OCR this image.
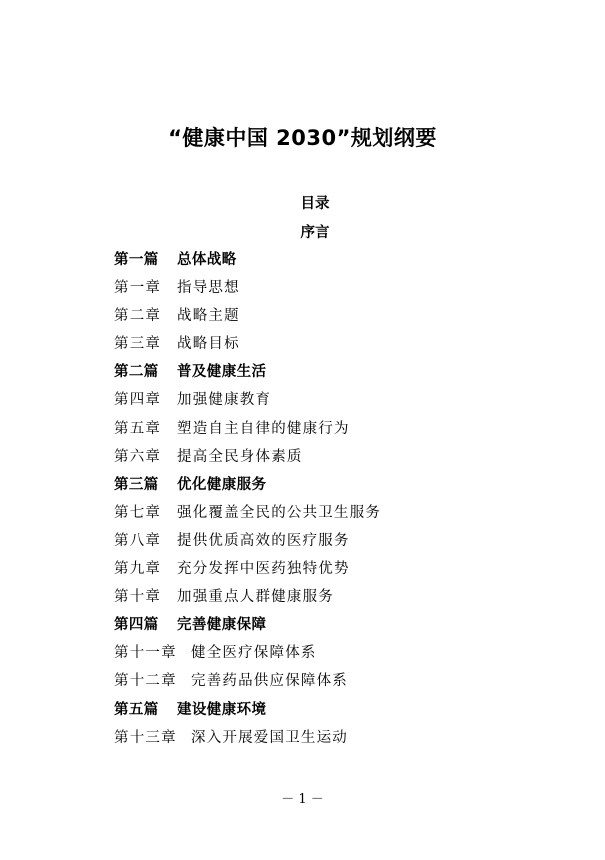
“健康中国 2030”规划纲要
目录
序言
第一篇 总体战略
第一章 指导思想
第二章 战略主题
第三章 战略目标
第二篇 普及健康生活
第四章 加强健康教育
第五章 塑造自主自律的健康行为
第六章 提高全民身体素质
第三篇 优化健康服务
第七章 强化覆盖全民的公共卫生服务
第八章 提供优质高效的医疗服务
第九章 充分发挥中医药独特优势
第十章 加强重点人群健康服务
第四篇 完善健康保障
第十一章 健全医疗保障体系
第十二章 完善药品供应保障体系
第五篇 建设健康环境
第十三章 深入开展爱国卫生运动
－ 1 －
